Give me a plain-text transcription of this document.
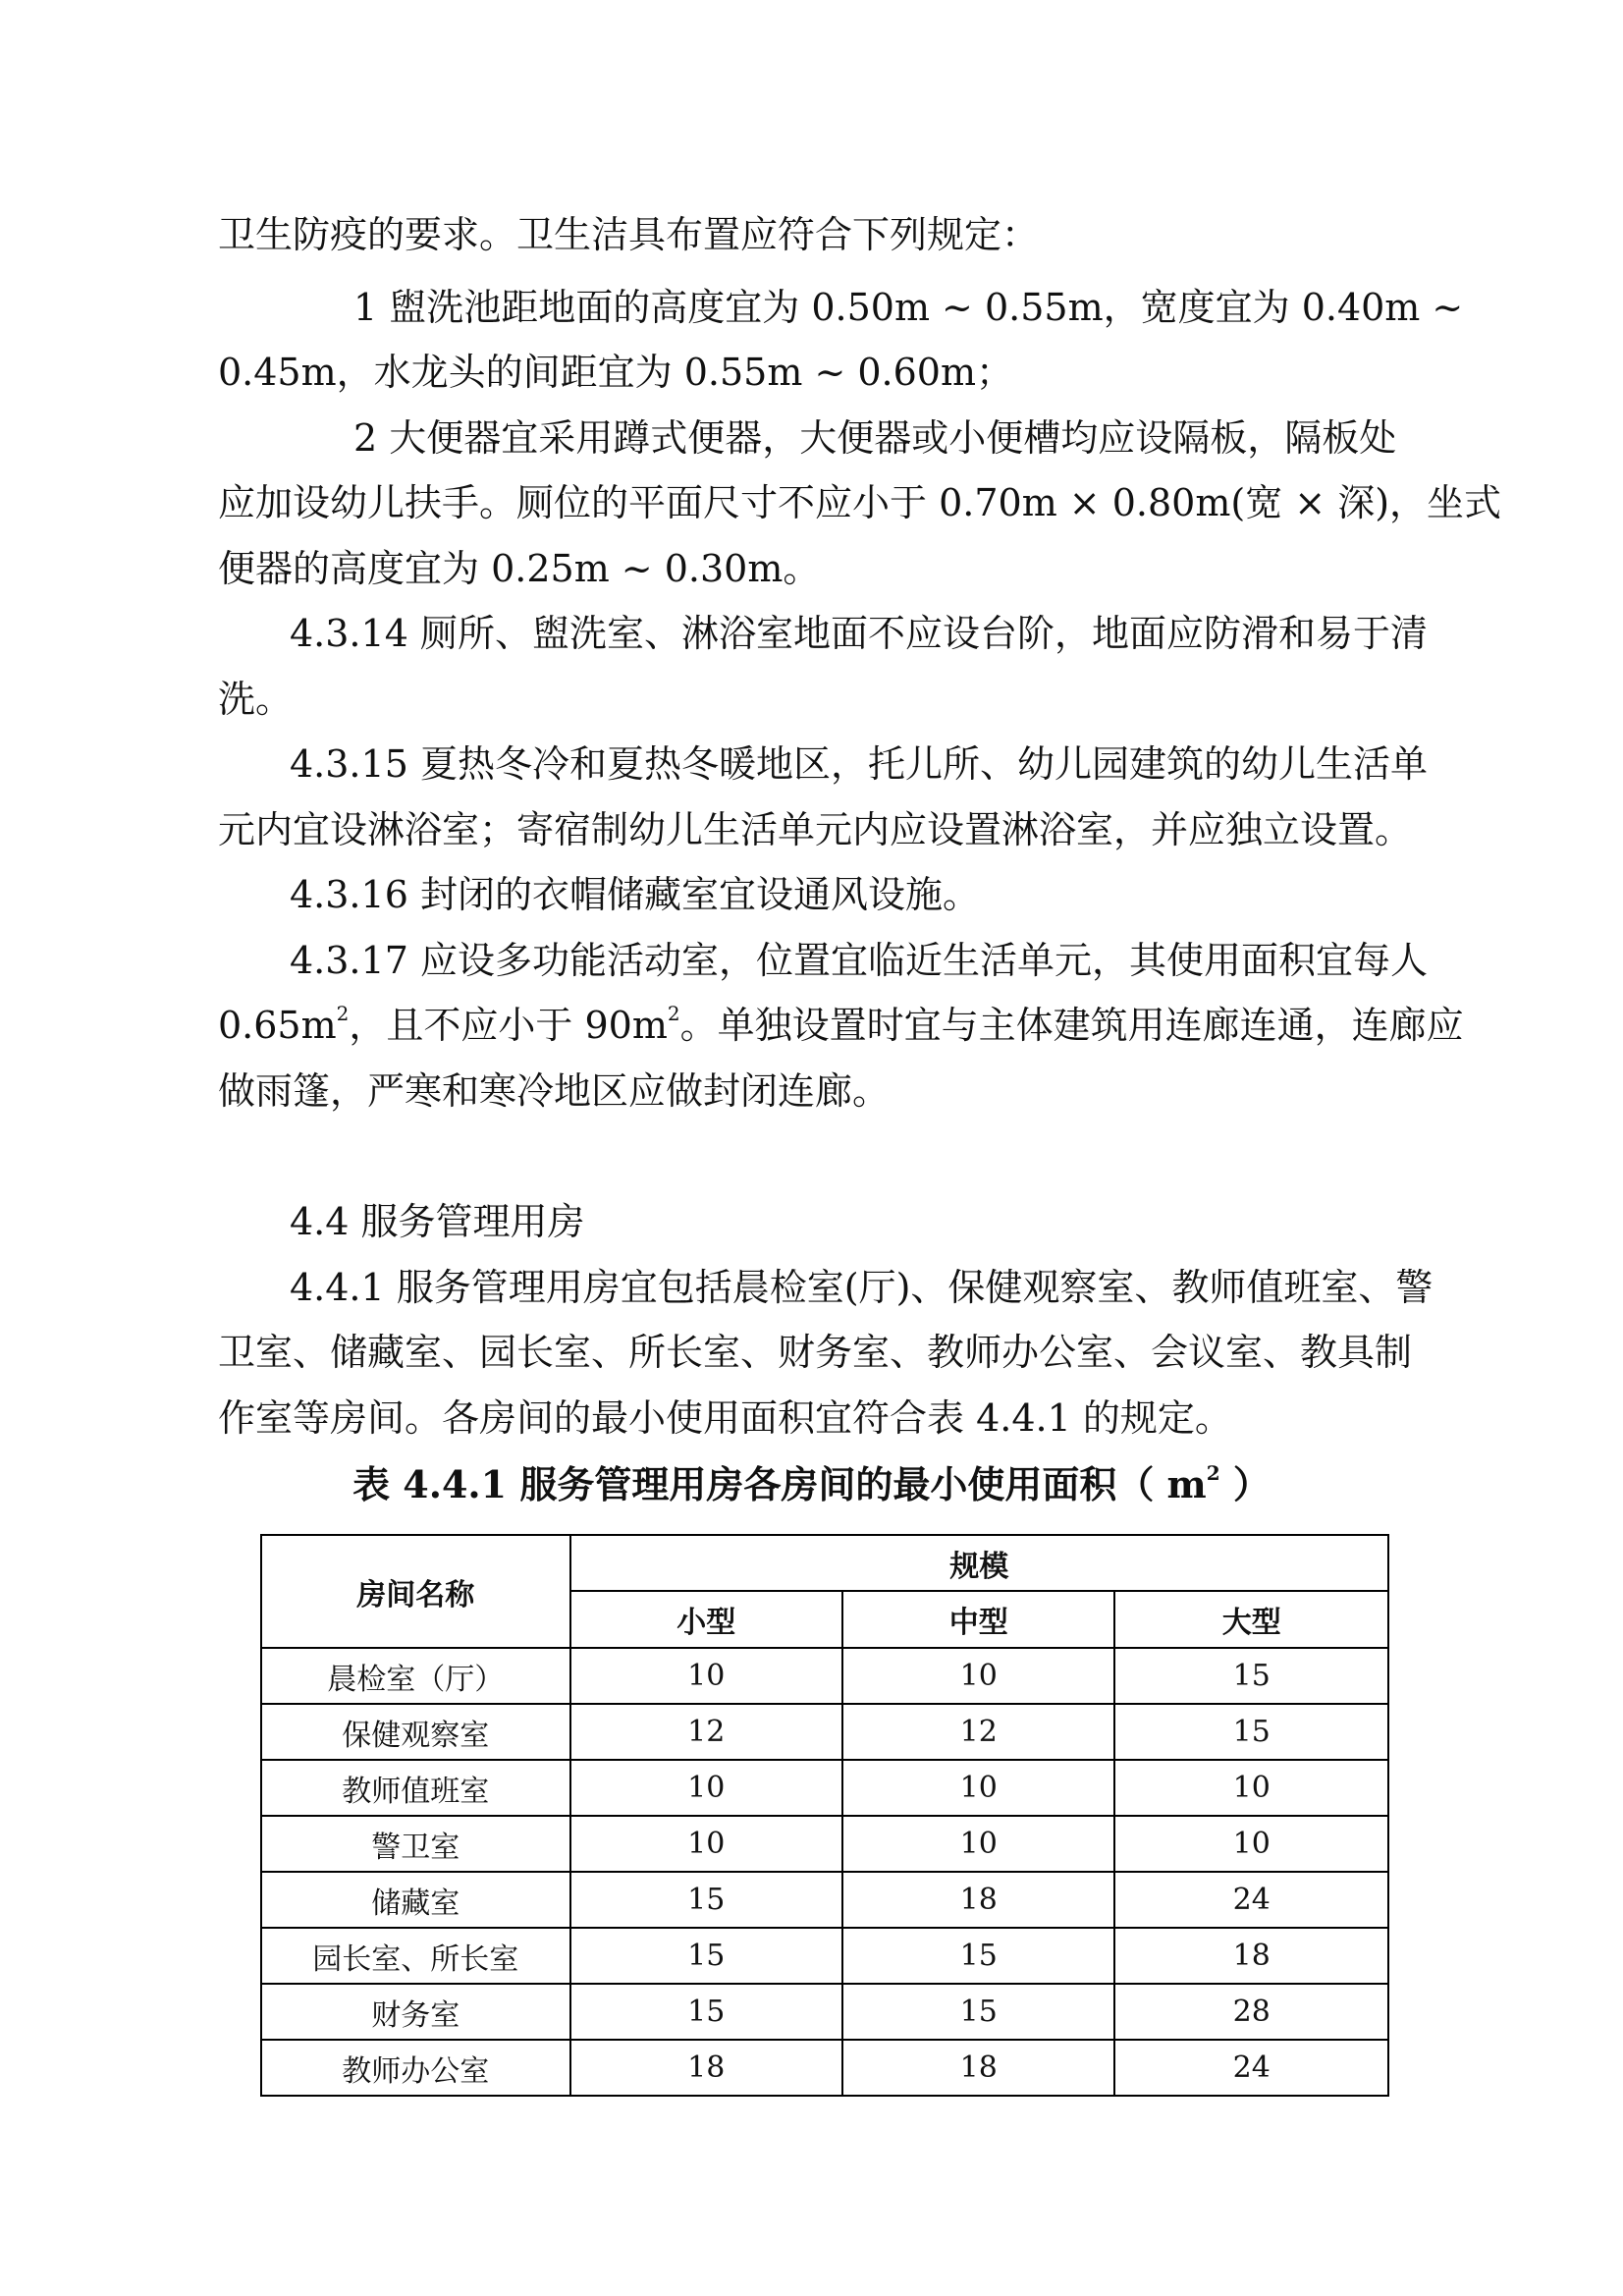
卫生防疫的要求。卫生洁具布置应符合下列规定：
1 盥洗池距地面的高度宜为 0.50m ~ 0.55m，宽度宜为 0.40m ~
0.45m，水龙头的间距宜为 0.55m ~ 0.60m；
2 大便器宜采用蹲式便器，大便器或小便槽均应设隔板，隔板处
应加设幼儿扶手。厕位的平面尺寸不应小于 0.70m × 0.80m(宽 × 深)，坐式
便器的高度宜为 0.25m ~ 0.30m。
4.3.14 厕所、盥洗室、淋浴室地面不应设台阶，地面应防滑和易于清
洗。
4.3.15 夏热冬冷和夏热冬暖地区，托儿所、幼儿园建筑的幼儿生活单
元内宜设淋浴室；寄宿制幼儿生活单元内应设置淋浴室，并应独立设置。
4.3.16 封闭的衣帽储藏室宜设通风设施。
4.3.17 应设多功能活动室，位置宜临近生活单元，其使用面积宜每人
$0.65m^2$，且不应小于 $90m^2$。单独设置时宜与主体建筑用连廊连通，连廊应
做雨篷，严寒和寒冷地区应做封闭连廊。
4.4 服务管理用房
4.4.1 服务管理用房宜包括晨检室(厅)、保健观察室、教师值班室、警
卫室、储藏室、园长室、所长室、财务室、教师办公室、会议室、教具制
作室等房间。各房间的最小使用面积宜符合表 4.4.1 的规定。
表 4.4.1 服务管理用房各房间的最小使用面积（ $m^2$ ）
房间名称	规模		
	小型	中型	大型
晨检室（厅）	10	10	15
保健观察室	12	12	15
教师值班室	10	10	10
警卫室	10	10	10
储藏室	15	18	24
园长室、所长室	15	15	18
财务室	15	15	28
教师办公室	18	18	24
